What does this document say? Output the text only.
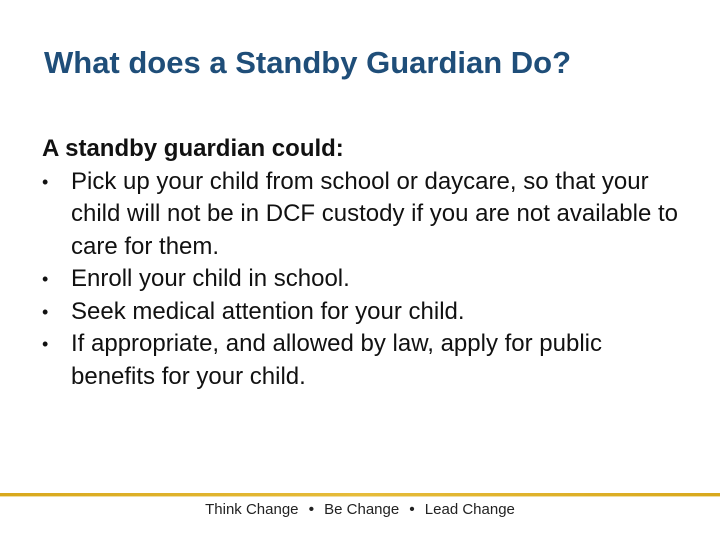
What does a Standby Guardian Do?

A standby guardian could:

• Pick up your child from school or daycare, so that your child will not be in DCF custody if you are not available to care for them.
• Enroll your child in school.
• Seek medical attention for your child.
• If appropriate, and allowed by law, apply for public benefits for your child.
Think Change • Be Change • Lead Change
